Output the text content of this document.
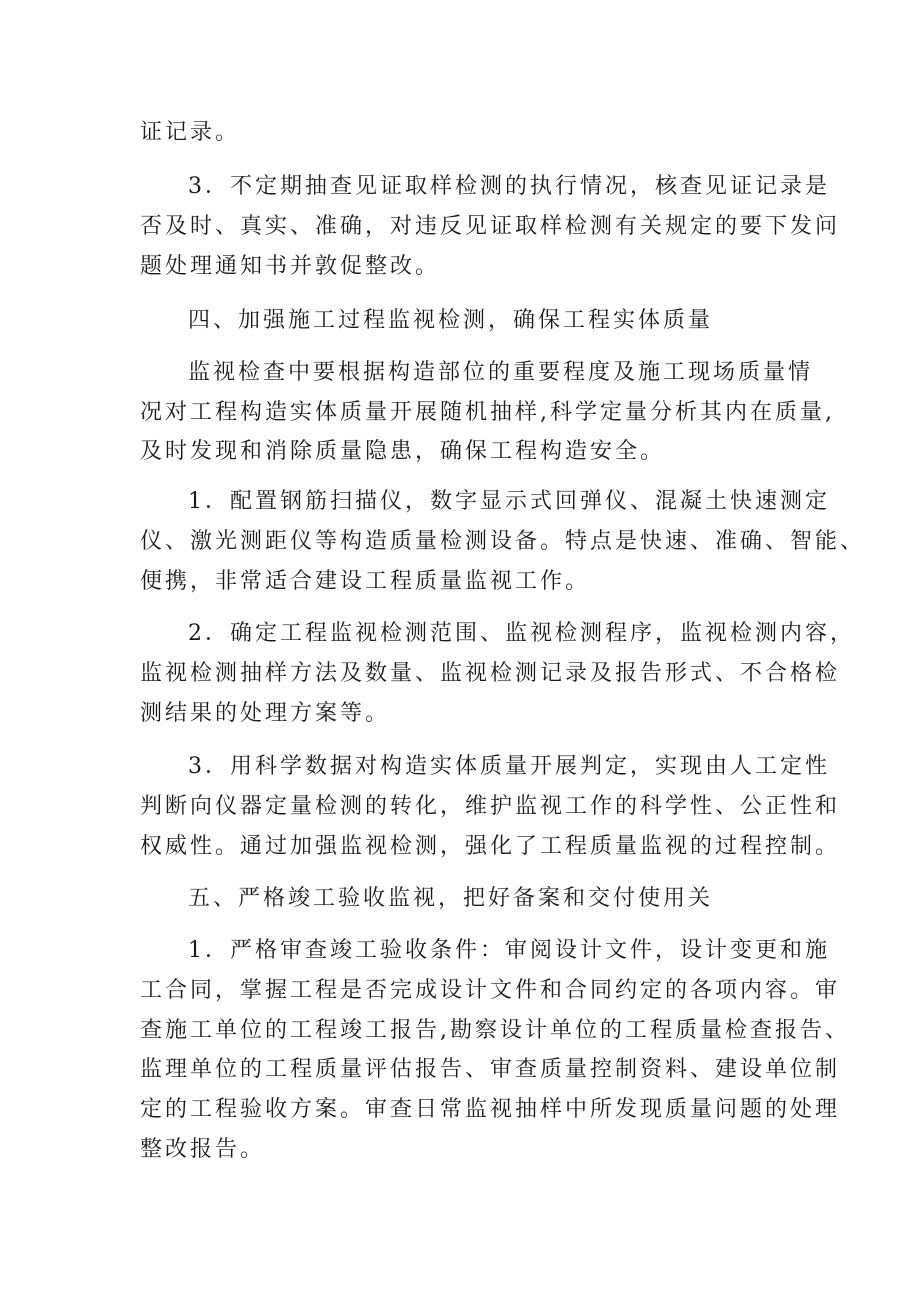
证记录。
3．不定期抽查见证取样检测的执行情况，核查见证记录是
否及时、真实、准确，对违反见证取样检测有关规定的要下发问
题处理通知书并敦促整改。
四、加强施工过程监视检测，确保工程实体质量
监视检查中要根据构造部位的重要程度及施工现场质量情
况对工程构造实体质量开展随机抽样,科学定量分析其内在质量,
及时发现和消除质量隐患，确保工程构造安全。
1．配置钢筋扫描仪，数字显示式回弹仪、混凝土快速测定
仪、激光测距仪等构造质量检测设备。特点是快速、准确、智能、
便携，非常适合建设工程质量监视工作。
2．确定工程监视检测范围、监视检测程序，监视检测内容，
监视检测抽样方法及数量、监视检测记录及报告形式、不合格检
测结果的处理方案等。
3．用科学数据对构造实体质量开展判定，实现由人工定性
判断向仪器定量检测的转化，维护监视工作的科学性、公正性和
权威性。通过加强监视检测，强化了工程质量监视的过程控制。
五、严格竣工验收监视，把好备案和交付使用关
1．严格审查竣工验收条件：审阅设计文件，设计变更和施
工合同，掌握工程是否完成设计文件和合同约定的各项内容。审
查施工单位的工程竣工报告,勘察设计单位的工程质量检查报告、
监理单位的工程质量评估报告、审查质量控制资料、建设单位制
定的工程验收方案。审查日常监视抽样中所发现质量问题的处理
整改报告。
